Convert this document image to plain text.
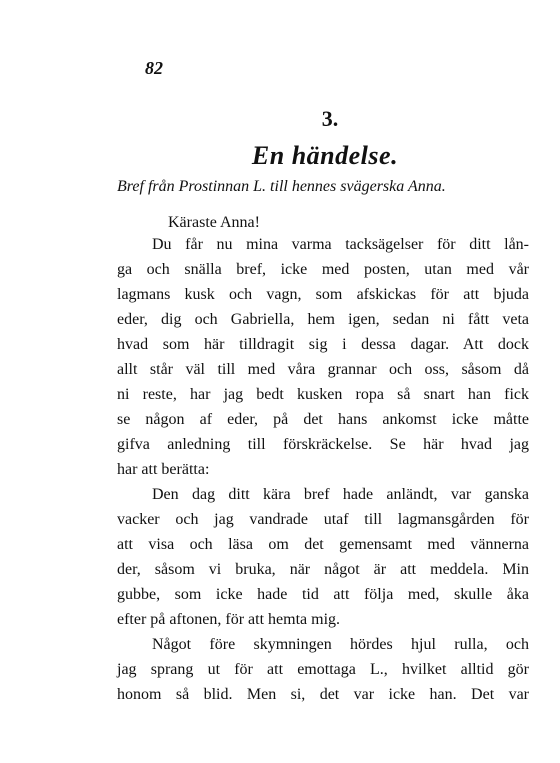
82
3.
En händelse.
Bref från Prostinnan L. till hennes svägerska Anna.
Käraste Anna!

Du får nu mina varma tacksägelser för ditt lån-
ga och snälla bref, icke med posten, utan med vår
lagmans kusk och vagn, som afskickas för att bjuda
eder, dig och Gabriella, hem igen, sedan ni fått veta
hvad som här tilldragit sig i dessa dagar. Att dock
allt står väl till med våra grannar och oss, såsom då
ni reste, har jag bedt kusken ropa så snart han fick
se någon af eder, på det hans ankomst icke måtte
gifva anledning till förskräckelse. Se här hvad jag
har att berätta:

Den dag ditt kära bref hade anländt, var ganska
vacker och jag vandrade utaf till lagmansgården för
att visa och läsa om det gemensamt med vännerna
der, såsom vi bruka, när något är att meddela. Min
gubbe, som icke hade tid att följa med, skulle åka
efter på aftonen, för att hemta mig.

Något före skymningen hördes hjul rulla, och
jag sprang ut för att emottaga L., hvilket alltid gör
honom så blid. Men si, det var icke han. Det var
